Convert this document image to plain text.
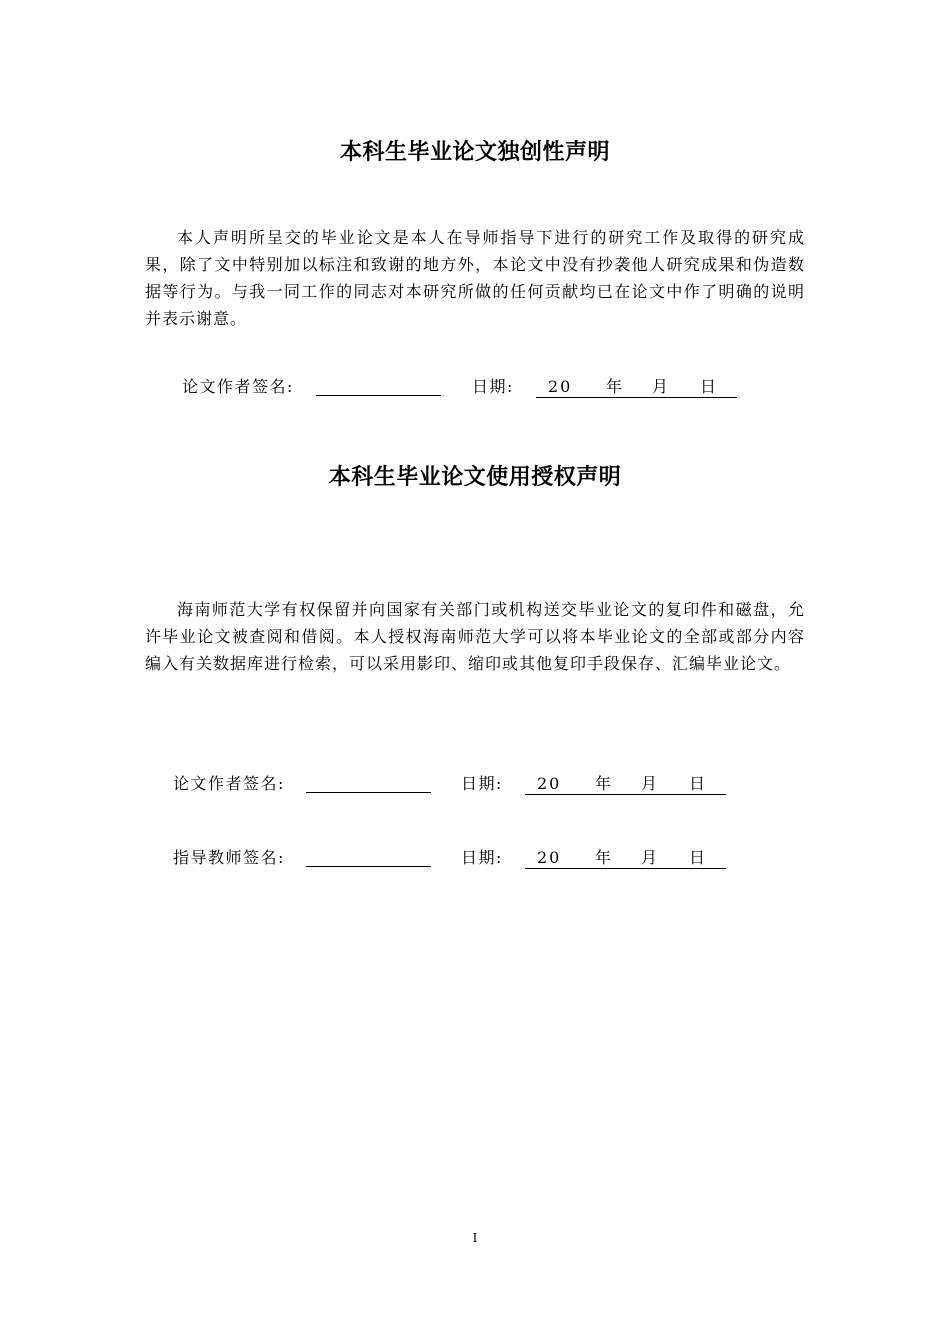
本科生毕业论文独创性声明

本人声明所呈交的毕业论文是本人在导师指导下进行的研究工作及取得的研究成果，除了文中特别加以标注和致谢的地方外，本论文中没有抄袭他人研究成果和伪造数据等行为。与我一同工作的同志对本研究所做的任何贡献均已在论文中作了明确的说明并表示谢意。

论文作者签名:	日期: 20 年 月 日
本科生毕业论文使用授权声明

海南师范大学有权保留并向国家有关部门或机构送交毕业论文的复印件和磁盘，允许毕业论文被查阅和借阅。本人授权海南师范大学可以将本毕业论文的全部或部分内容编入有关数据库进行检索，可以采用影印、缩印或其他复印手段保存、汇编毕业论文。

论文作者签名:	日期: 20 年 月 日
指导教师签名:	日期: 20 年 月 日
I
